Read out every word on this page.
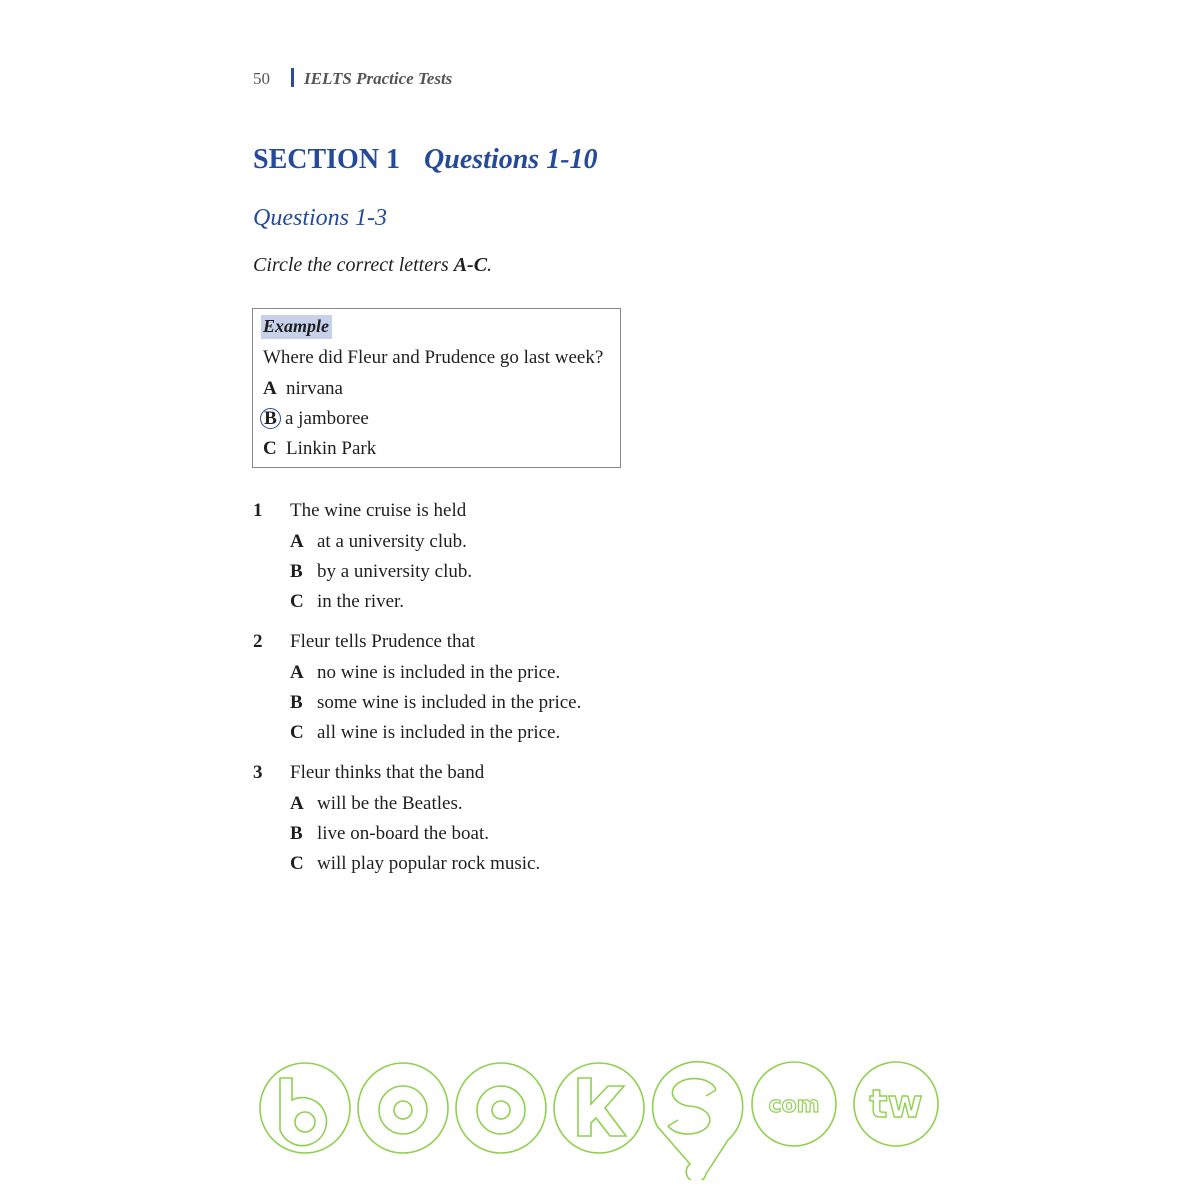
50 IELTS Practice Tests
SECTION 1 Questions 1-10
Questions 1-3
Circle the correct letters A-C.
Example
Where did Fleur and Prudence go last week?
A nirvana
B a jamboree
C Linkin Park
1 The wine cruise is held
A at a university club.
B by a university club.
C in the river.
2 Fleur tells Prudence that
A no wine is included in the price.
B some wine is included in the price.
C all wine is included in the price.
3 Fleur thinks that the band
A will be the Beatles.
B live on-board the boat.
C will play popular rock music.
com tw
